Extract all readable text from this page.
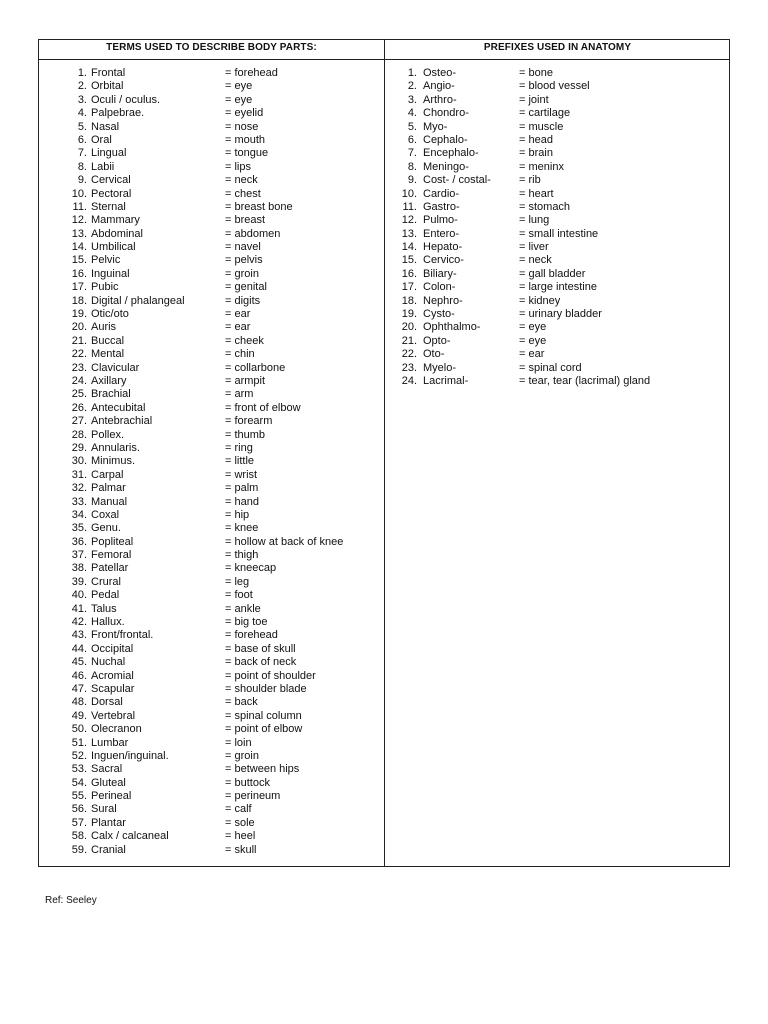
TERMS USED TO DESCRIBE BODY PARTS:	PREFIXES USED IN ANATOMY
1. Frontal	= forehead
2. Orbital	= eye
3. Oculi / oculus.	= eye
4. Palpebrae.	= eyelid
5. Nasal	= nose
6. Oral	= mouth
7. Lingual	= tongue
8. Labii	= lips
9. Cervical	= neck
10. Pectoral	= chest
11. Sternal	= breast bone
12. Mammary	= breast
13. Abdominal	= abdomen
14. Umbilical	= navel
15. Pelvic	= pelvis
16. Inguinal	= groin
17. Pubic	= genital
18. Digital / phalangeal	= digits
19. Otic/oto	= ear
20. Auris	= ear
21. Buccal	= cheek
22. Mental	= chin
23. Clavicular	= collarbone
24. Axillary	= armpit
25. Brachial	= arm
26. Antecubital	= front of elbow
27. Antebrachial	= forearm
28. Pollex.	= thumb
29. Annularis.	= ring
30. Minimus.	= little
31. Carpal	= wrist
32. Palmar	= palm
33. Manual	= hand
34. Coxal	= hip
35. Genu.	= knee
36. Popliteal	= hollow at back of knee
37. Femoral	= thigh
38. Patellar	= kneecap
39. Crural	= leg
40. Pedal	= foot
41. Talus	= ankle
42. Hallux.	= big toe
43. Front/frontal.	= forehead
44. Occipital	= base of skull
45. Nuchal	= back of neck
46. Acromial	= point of shoulder
47. Scapular	= shoulder blade
48. Dorsal	= back
49. Vertebral	= spinal column
50. Olecranon	= point of elbow
51. Lumbar	= loin
52. Inguen/inguinal.	= groin
53. Sacral	= between hips
54. Gluteal	= buttock
55. Perineal	= perineum
56. Sural	= calf
57. Plantar	= sole
58. Calx / calcaneal	= heel
59. Cranial	= skull
1. Osteo-	= bone
2. Angio-	= blood vessel
3. Arthro-	= joint
4. Chondro-	= cartilage
5. Myo-	= muscle
6. Cephalo-	= head
7. Encephalo-	= brain
8. Meningo-	= meninx
9. Cost- / costal-	= rib
10. Cardio-	= heart
11. Gastro-	= stomach
12. Pulmo-	= lung
13. Entero-	= small intestine
14. Hepato-	= liver
15. Cervico-	= neck
16. Biliary-	= gall bladder
17. Colon-	= large intestine
18. Nephro-	= kidney
19. Cysto-	= urinary bladder
20. Ophthalmo-	= eye
21. Opto-	= eye
22. Oto-	= ear
23. Myelo-	= spinal cord
24. Lacrimal-	= tear, tear (lacrimal) gland
Ref: Seeley
